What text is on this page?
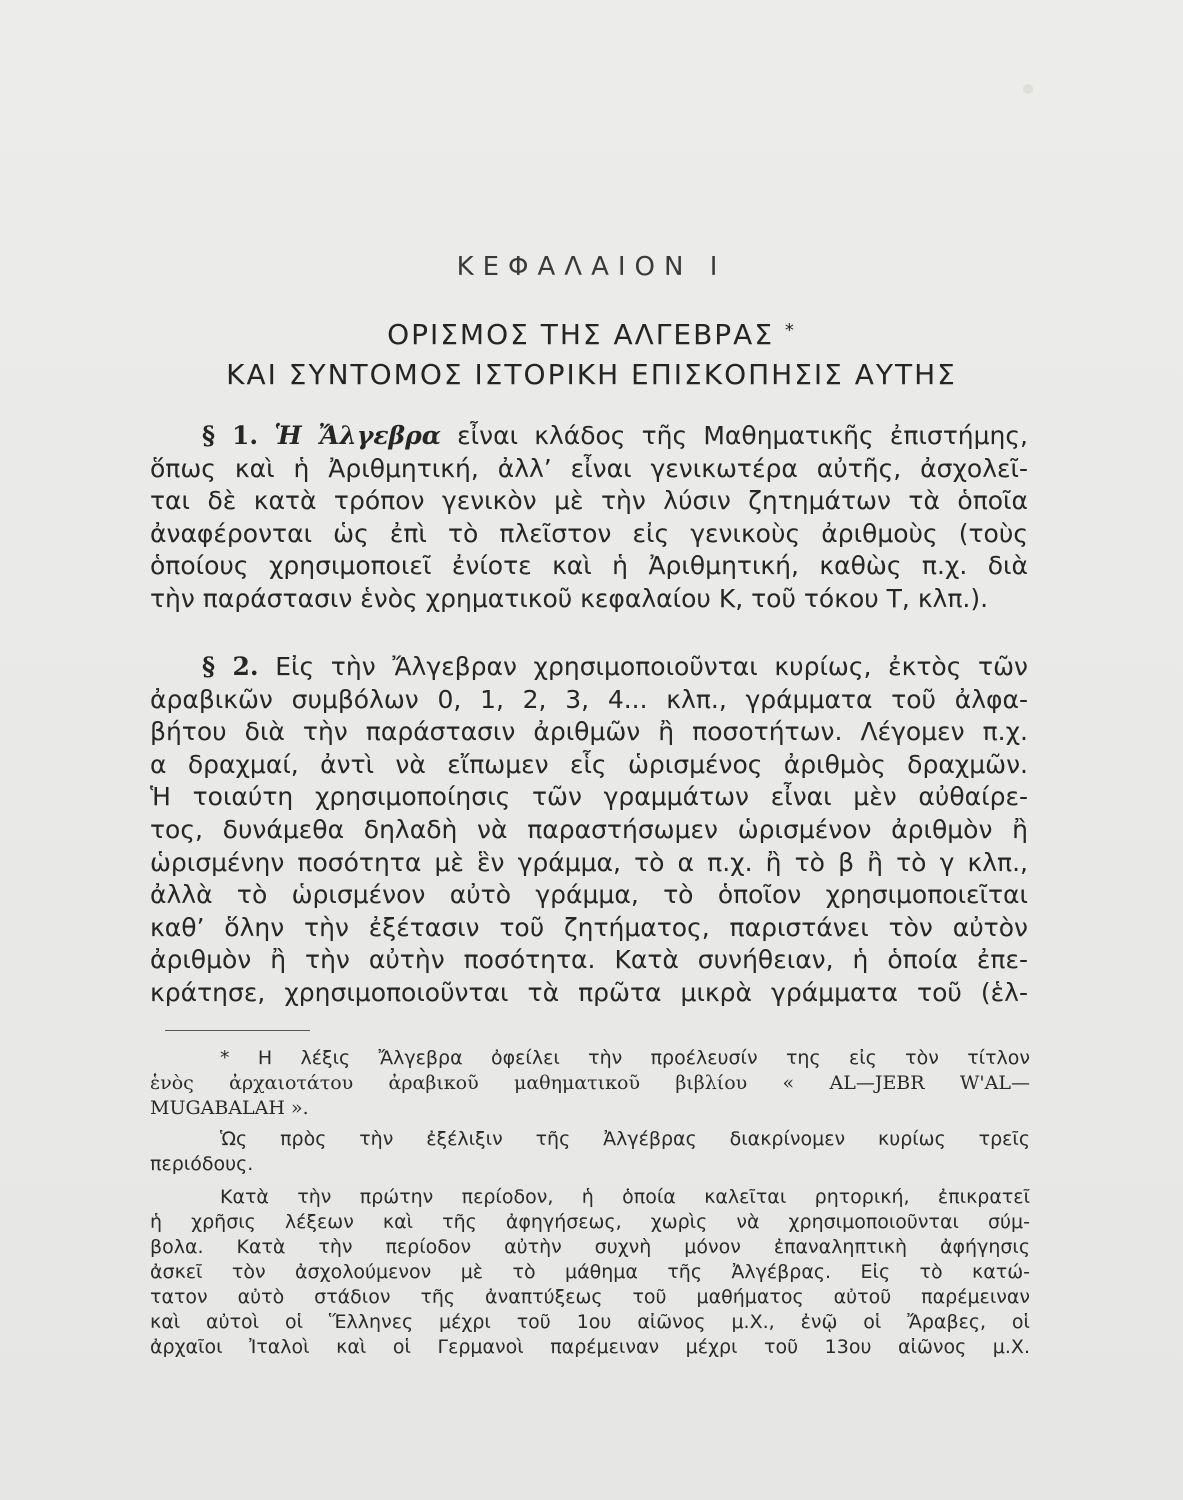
ΚΕΦΑΛΑΙΟΝ Ι
ΟΡΙΣΜΟΣ ΤΗΣ ΑΛΓΕΒΡΑΣ *
ΚΑΙ ΣΥΝΤΟΜΟΣ ΙΣΤΟΡΙΚΗ ΕΠΙΣΚΟΠΗΣΙΣ ΑΥΤΗΣ
§ 1. Ἡ Ἄλγεβρα εἶναι κλάδος τῆς Μαθηματικῆς ἐπιστήμης,
ὅπως καὶ ἡ Ἀριθμητική, ἀλλ’ εἶναι γενικωτέρα αὐτῆς, ἀσχολεῖ-
ται δὲ κατὰ τρόπον γενικὸν μὲ τὴν λύσιν ζητημάτων τὰ ὁποῖα
ἀναφέρονται ὡς ἐπὶ τὸ πλεῖστον εἰς γενικοὺς ἀριθμοὺς (τοὺς
ὁποίους χρησιμοποιεῖ ἐνίοτε καὶ ἡ Ἀριθμητική, καθὼς π.χ. διὰ
τὴν παράστασιν ἑνὸς χρηματικοῦ κεφαλαίου Κ, τοῦ τόκου Τ, κλπ.).
§ 2. Εἰς τὴν Ἄλγεβραν χρησιμοποιοῦνται κυρίως, ἐκτὸς τῶν
ἀραβικῶν συμβόλων 0, 1, 2, 3, 4... κλπ., γράμματα τοῦ ἀλφα-
βήτου διὰ τὴν παράστασιν ἀριθμῶν ἢ ποσοτήτων. Λέγομεν π.χ.
α δραχμαί, ἀντὶ νὰ εἴπωμεν εἷς ὡρισμένος ἀριθμὸς δραχμῶν.
Ἡ τοιαύτη χρησιμοποίησις τῶν γραμμάτων εἶναι μὲν αὐθαίρε-
τος, δυνάμεθα δηλαδὴ νὰ παραστήσωμεν ὡρισμένον ἀριθμὸν ἢ
ὡρισμένην ποσότητα μὲ ἓν γράμμα, τὸ α π.χ. ἢ τὸ β ἢ τὸ γ κλπ.,
ἀλλὰ τὸ ὡρισμένον αὐτὸ γράμμα, τὸ ὁποῖον χρησιμοποιεῖται
καθ’ ὅλην τὴν ἐξέτασιν τοῦ ζητήματος, παριστάνει τὸν αὐτὸν
ἀριθμὸν ἢ τὴν αὐτὴν ποσότητα. Κατὰ συνήθειαν, ἡ ὁποία ἐπε-
κράτησε, χρησιμοποιοῦνται τὰ πρῶτα μικρὰ γράμματα τοῦ (ἑλ-
* Η λέξις Ἄλγεβρα ὀφείλει τὴν προέλευσίν της εἰς τὸν τίτλον
ἑνὸς ἀρχαιοτάτου ἀραβικοῦ μαθηματικοῦ βιβλίου « AL—JEBR W'AL—
MUGABALAH ».
Ὡς πρὸς τὴν ἐξέλιξιν τῆς Ἀλγέβρας διακρίνομεν κυρίως τρεῖς
περιόδους.
Κατὰ τὴν πρώτην περίοδον, ἡ ὁποία καλεῖται ρητορική, ἐπικρατεῖ
ἡ χρῆσις λέξεων καὶ τῆς ἀφηγήσεως, χωρὶς νὰ χρησιμοποιοῦνται σύμ-
βολα. Κατὰ τὴν περίοδον αὐτὴν συχνὴ μόνον ἐπαναληπτικὴ ἀφήγησις
ἀσκεῖ τὸν ἀσχολούμενον μὲ τὸ μάθημα τῆς Ἀλγέβρας. Εἰς τὸ κατώ-
τατον αὐτὸ στάδιον τῆς ἀναπτύξεως τοῦ μαθήματος αὐτοῦ παρέμειναν
καὶ αὐτοὶ οἱ Ἕλληνες μέχρι τοῦ 1ου αἰῶνος μ.Χ., ἐνῷ οἱ Ἄραβες, οἱ
ἀρχαῖοι Ἰταλοὶ καὶ οἱ Γερμανοὶ παρέμειναν μέχρι τοῦ 13ου αἰῶνος μ.Χ.
